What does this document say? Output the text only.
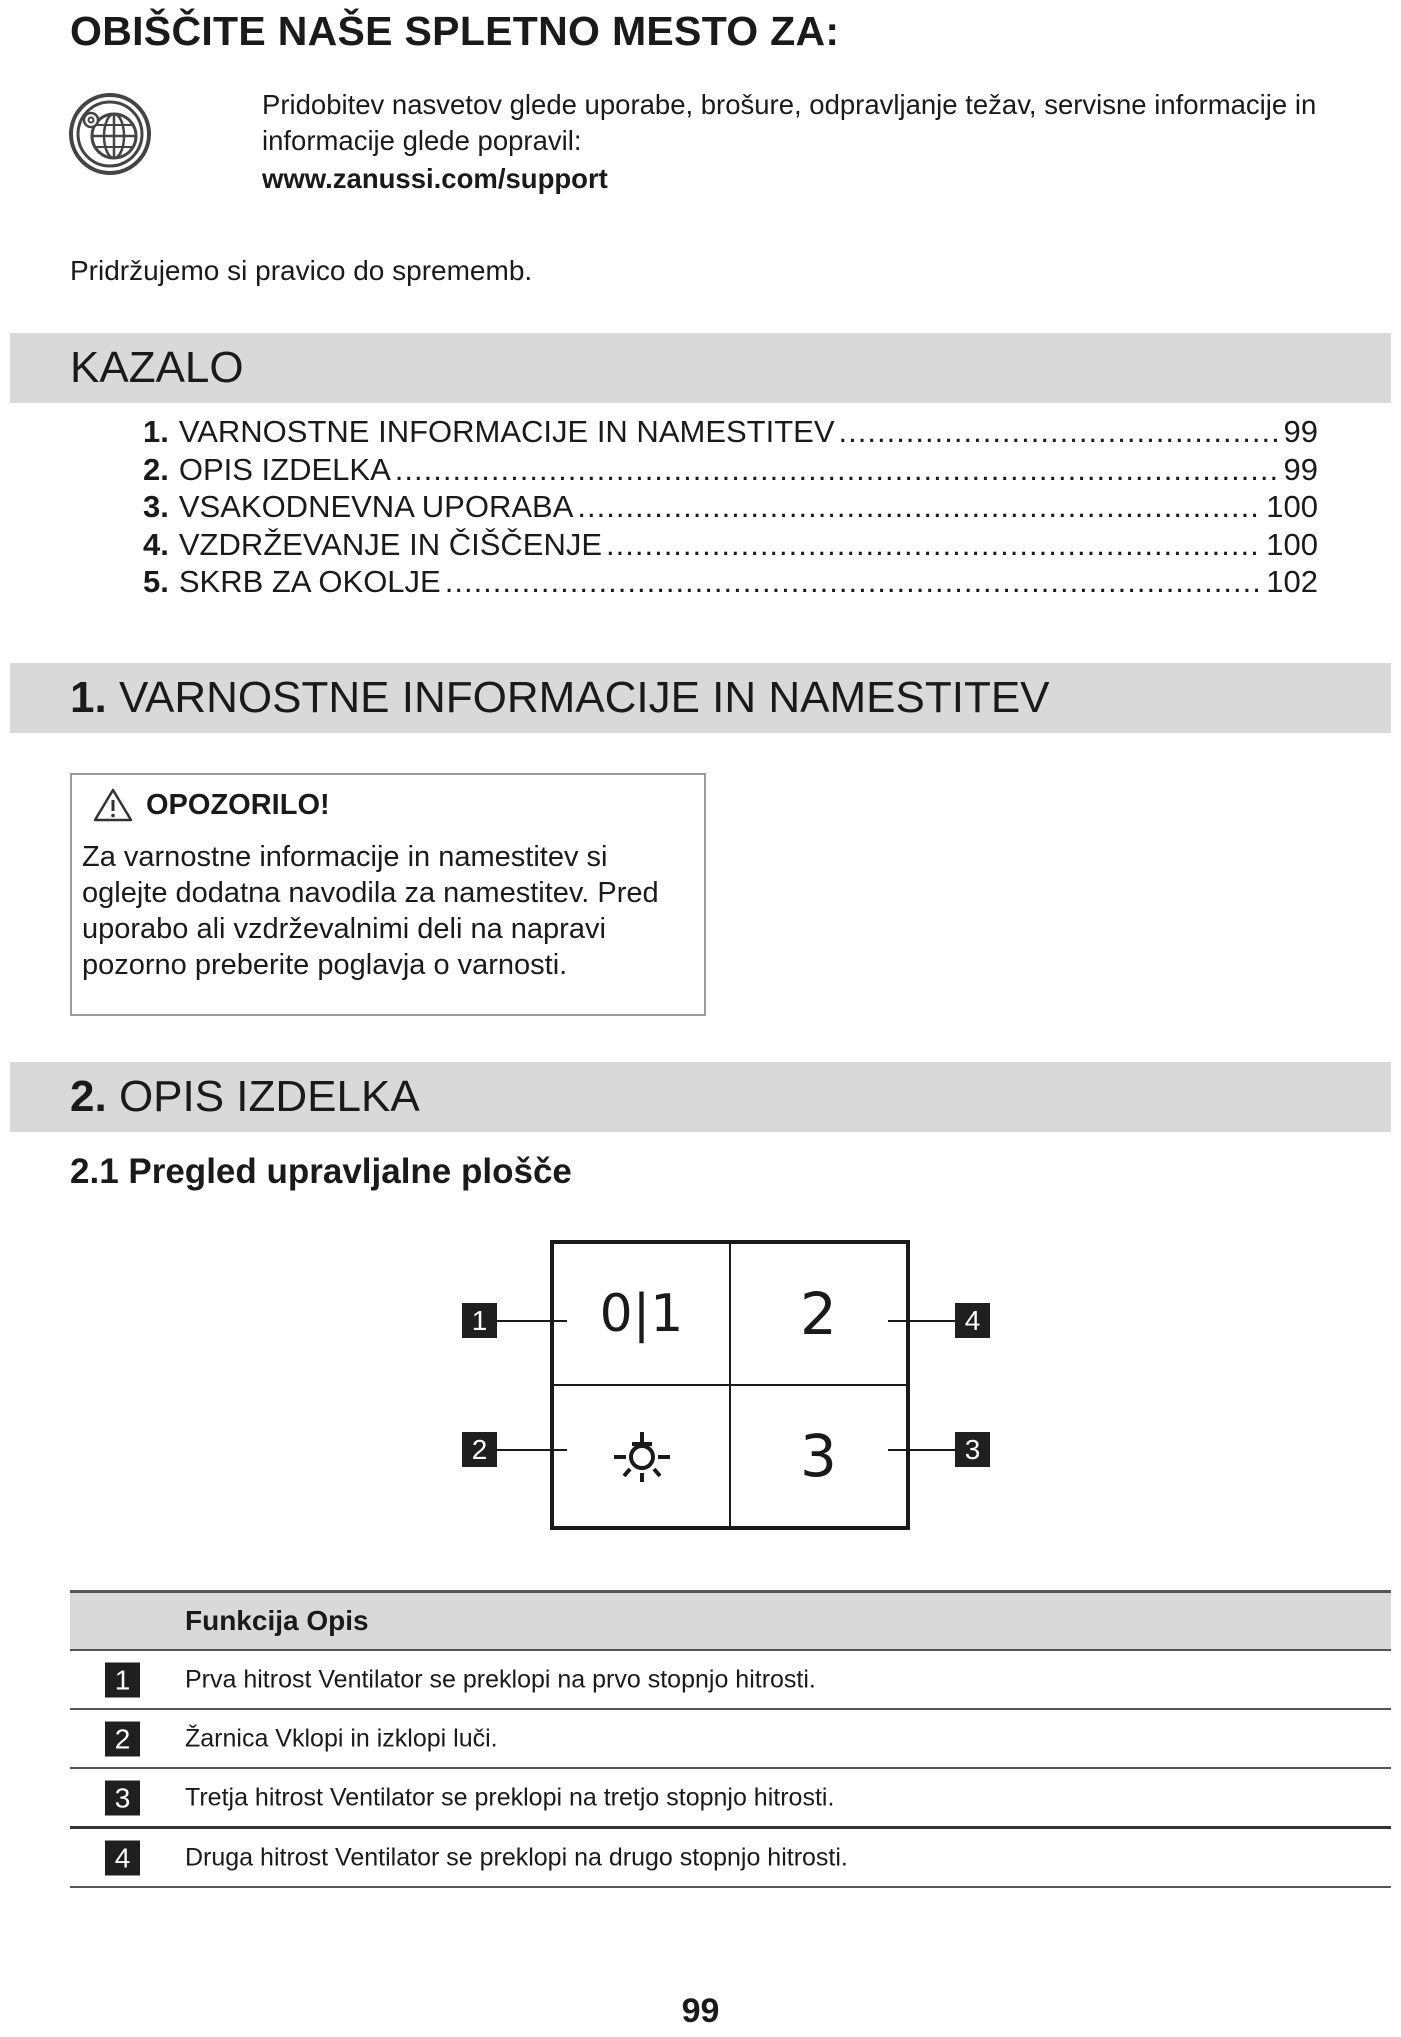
OBIŠČITE NAŠE SPLETNO MESTO ZA:
Pridobitev nasvetov glede uporabe, brošure, odpravljanje težav, servisne informacije in informacije glede popravil:
www.zanussi.com/support
Pridržujemo si pravico do sprememb.
KAZALO
1. VARNOSTNE INFORMACIJE IN NAMESTITEV .....	99
2. OPIS IZDELKA .....	99
3. VSAKODNEVNA UPORABA .....	100
4. VZDRŽEVANJE IN ČIŠČENJE .....	100
5. SKRB ZA OKOLJE .....	102
1. VARNOSTNE INFORMACIJE IN NAMESTITEV
OPOZORILO!
Za varnostne informacije in namestitev si oglejte dodatna navodila za namestitev. Pred uporabo ali vzdrževalnimi deli na napravi pozorno preberite poglavja o varnosti.
2. OPIS IZDELKA
2.1 Pregled upravljalne plošče
0|1 2
3
1	4
2	3
Funkcija Opis
1	Prva hitrost Ventilator se preklopi na prvo stopnjo hitrosti.
2	Žarnica Vklopi in izklopi luči.
3	Tretja hitrost Ventilator se preklopi na tretjo stopnjo hitrosti.
4	Druga hitrost Ventilator se preklopi na drugo stopnjo hitrosti.
99
